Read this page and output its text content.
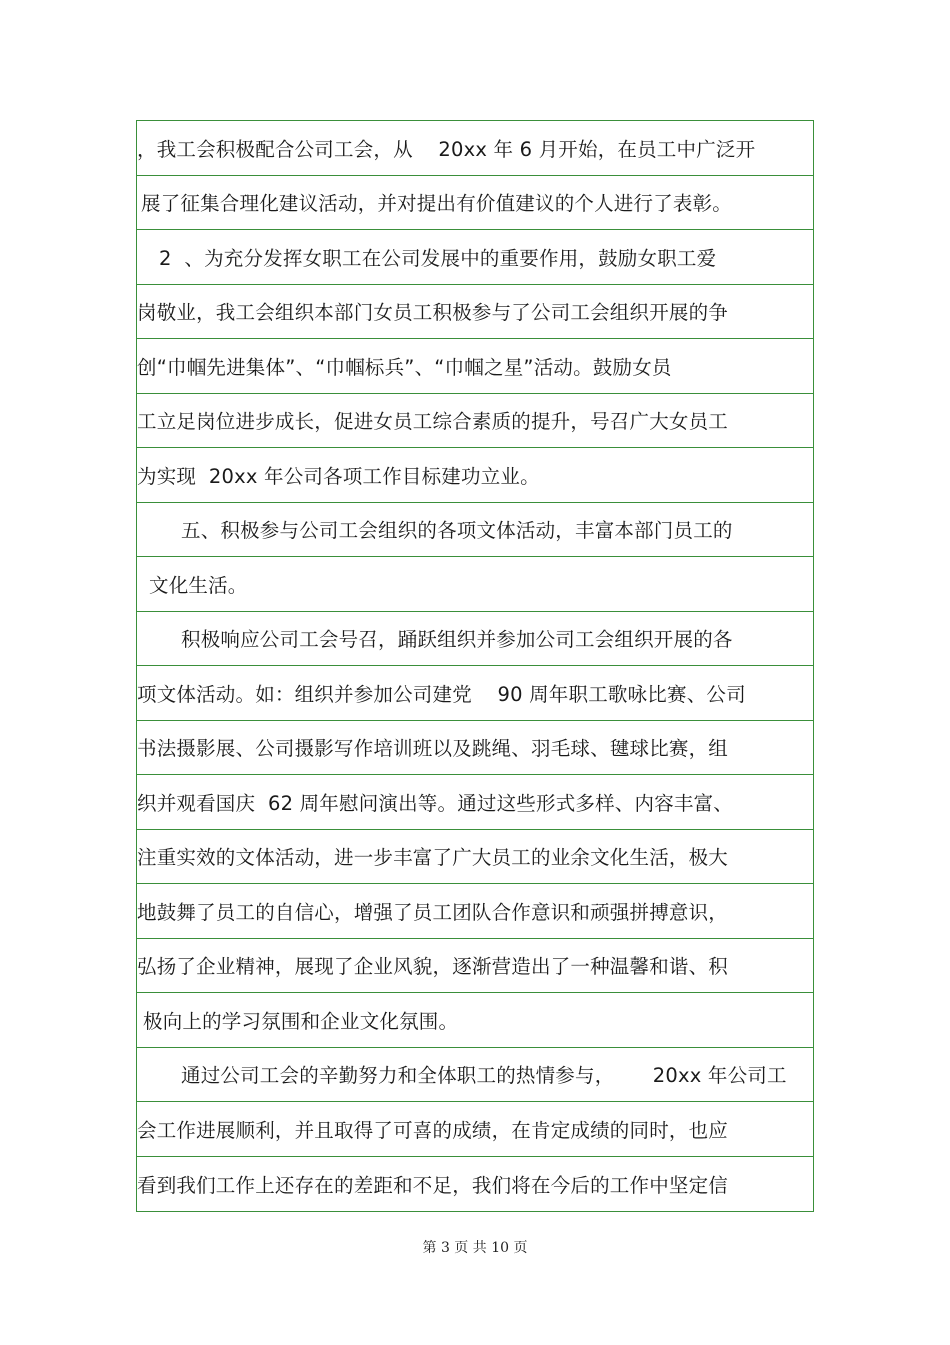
，我工会积极配合公司工会，从    20xx 年 6 月开始，在员工中广泛开
展了征集合理化建议活动，并对提出有价值建议的个人进行了表彰。
2  、为充分发挥女职工在公司发展中的重要作用，鼓励女职工爱
岗敬业，我工会组织本部门女员工积极参与了公司工会组织开展的争
创“巾帼先进集体”、“巾帼标兵”、“巾帼之星”活动。鼓励女员
工立足岗位进步成长，促进女员工综合素质的提升，号召广大女员工
为实现  20xx 年公司各项工作目标建功立业。
五、积极参与公司工会组织的各项文体活动，丰富本部门员工的
文化生活。
积极响应公司工会号召，踊跃组织并参加公司工会组织开展的各
项文体活动。如：组织并参加公司建党    90 周年职工歌咏比赛、公司
书法摄影展、公司摄影写作培训班以及跳绳、羽毛球、毽球比赛，组
织并观看国庆  62 周年慰问演出等。通过这些形式多样、内容丰富、
注重实效的文体活动，进一步丰富了广大员工的业余文化生活，极大
地鼓舞了员工的自信心，增强了员工团队合作意识和顽强拼搏意识，
弘扬了企业精神，展现了企业风貌，逐渐营造出了一种温馨和谐、积
极向上的学习氛围和企业文化氛围。
通过公司工会的辛勤努力和全体职工的热情参与，      20xx 年公司工
会工作进展顺利，并且取得了可喜的成绩，在肯定成绩的同时，也应
看到我们工作上还存在的差距和不足，我们将在今后的工作中坚定信
第 3 页 共 10 页
